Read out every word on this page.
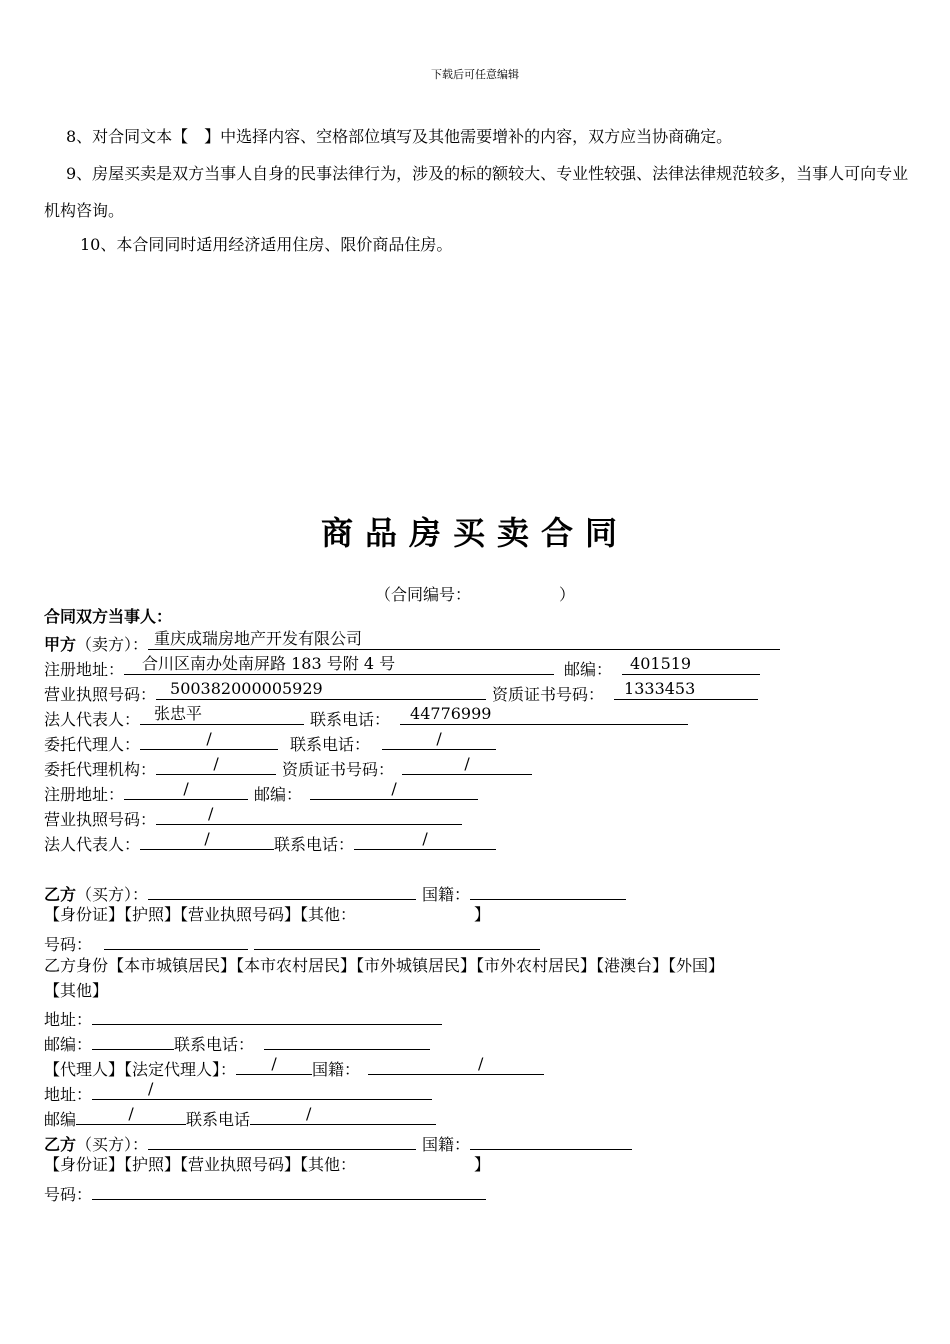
下载后可任意编辑
8、对合同文本【　】中选择内容、空格部位填写及其他需要增补的内容，双方应当协商确定。
9、房屋买卖是双方当事人自身的民事法律行为，涉及的标的额较大、专业性较强、法律法律规范较多，当事人可向专业机构咨询。
10、本合同同时适用经济适用住房、限价商品住房。
商品房买卖合同
（合同编号：	）
合同双方当事人：
甲方（卖方）： 重庆成瑞房地产开发有限公司
注册地址： 合川区南办处南屏路 183 号附 4 号	邮编： 401519
营业执照号码： 500382000005929	资质证书号码： 1333453
法人代表人： 张忠平	联系电话： 44776999
委托代理人：	/	联系电话：	/
委托代理机构：	/	资质证书号码：	/
注册地址：	/	邮编：	/
营业执照号码：	/
法人代表人：	/	联系电话：	/
乙方（买方）：	国籍：
【身份证】【护照】【营业执照号码】【其他：	】
号码：
乙方身份【本市城镇居民】【本市农村居民】【市外城镇居民】【市外农村居民】【港澳台】【外国】
【其他】
地址：
邮编：	联系电话：
【代理人】【法定代理人】： / 国籍：	/
地址：	/
邮编	/	联系电话	/
乙方（买方）：	国籍：
【身份证】【护照】【营业执照号码】【其他：	】
号码：
